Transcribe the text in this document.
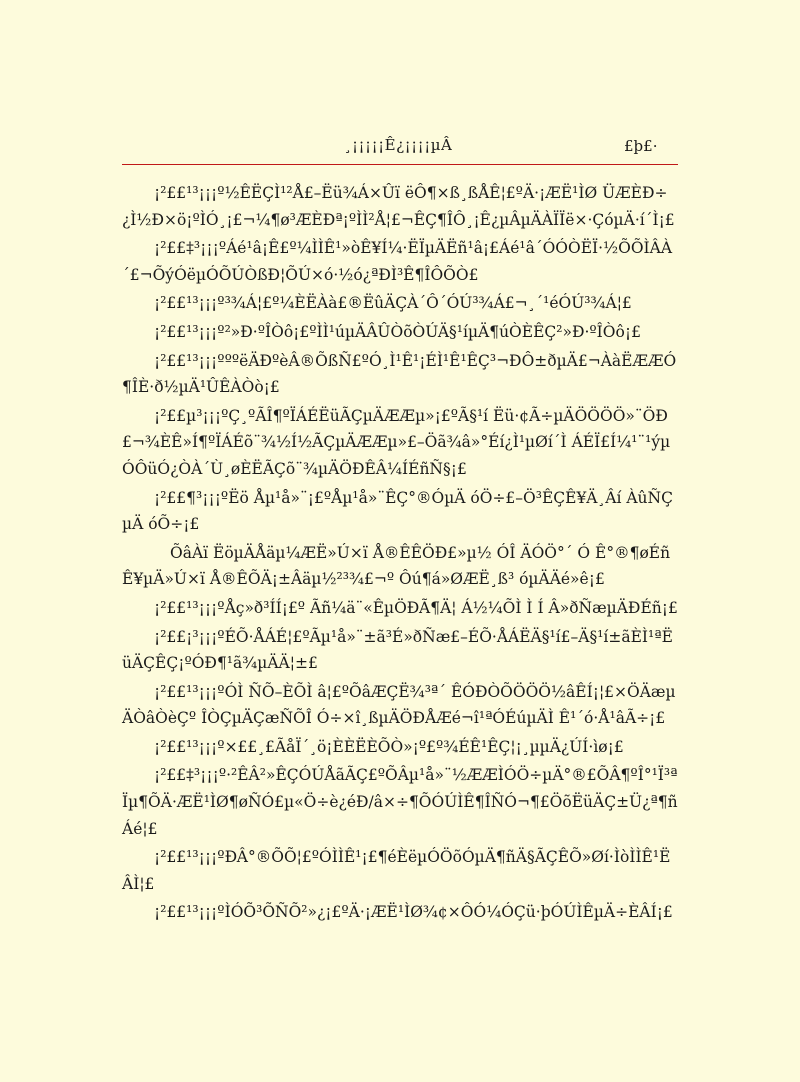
¸¡¡¡¡¡Ê¿¡¡¡¡µÂ	£þ£·

¡²££¹³¡¡¡º½ÊËÇÌ¹²Å£–Ëü¾Á×Ûï ëÔ¶×ß¸ßÅÊ¦£ºÄ·¡ÆË¹ÌØ ÜÆÈÐ÷¿Ì½Ð×ö¡ºÌÓ¸¡£¬¼¶ø³ÆÈÐª¡ºÌÌ²Å¦£¬ÊÇ¶ÎÔ¸¡Ê¿µÂµÄÀÏÏë×·ÇóµÄ·í´Ì¡£

¡²££‡³¡¡¡ºÁé¹â¡Ê£º¼ÌÌÊ¹»òÊ¥Í¼·ËÏµÄËñ¹â¡£Áé¹â´ÓÓÒËÏ·½ÕÕÌÂÀ´£¬ÕýÓëµÓÕÚÒßÐ¦ÕÚ×ó·½ó¿ªÐÌ³Ê¶ÎÔÕÒ£

¡²££¹³¡¡¡º³¾Á¦£º¼ÈËÀà£®ËûÄÇÀ´Ô´ÓÚ³¾Á£¬¸´¹éÓÚ³¾Á¦£

¡²££¹³¡¡¡º²»Ð·ºÎÒô¡£ºÌÌ¹úµÄÂÛÒõÒÚÄ§¹íµÄ¶úÒÈÊÇ²»Ð·ºÎÒô¡£

¡²££¹³¡¡¡ºººëÄÐºèÂ®ÕßÑ£ºÓ¸Ì¹Ê¹¡ÉÌ¹Ê¹ÊÇ³¬ÐÔ±ðµÄ£¬ÀàËÆÆÓ¶ÎÈ·ð½µÄ¹ÛÊÀÒò¡£

¡²££µ³¡¡¡ºÇ¸ºÃÎ¶ºÏÁÉËüÃÇµÄÆÆµ»¡£ºÃ§¹í Ëü·¢Ã÷µÄÖÖÖÖ»¨ÖÐ£¬¾ÈÊ»Í¶ºÏÁÉõ¨¾½Í½ÃÇµÄÆÆµ»£–Öã¾â»°Éí¿Ì¹µØí´Ì ÁÉÏ£Í¼¹¨¹ýµÓÔüÓ¿ÒÀ´Ù¸øÈËÃÇõ¨¾µÄÖÐÊÂ¼ÍÉñÑ§¡£

¡²££¶³¡¡¡ºËö Åµ¹å»¨¡£ºÅµ¹å»¨ÊÇ°®ÓµÄ óÖ÷£–Ö³ÊÇÊ¥Ä¸Âí ÀûÑÇµÄ óÕ÷¡£

ÕâÀï ËöµÄÅäµ¼ÆË»Ú×ï Å®ÊÊÖÐ£»µ½ ÓÎ ÄÓÖ°´ Ó Ê°®¶øÉñÊ¥µÄ»Ú×ï Å®ÊÕÄ¡±Âäµ½²³¾£¬º Ôú¶á»ØÆË¸ß³ óµÄÄé»ê¡£

¡²££¹³¡¡¡ºÅç»ð³ÍÍ¡£º Ãñ¼ä¨«ÊµÖÐÃ¶Ä¦ Á½¼ÕÌ Ì Í Â»ðÑæµÄÐÉñ¡£

¡²££¡³¡¡¡ºÉÕ·ÅÁÉ¦£ºÃµ¹å»¨±ã³É»ðÑæ£–ÉÕ·ÅÁËÄ§¹í£–Ä§¹í±ãÈÌ¹ªËüÄÇÊÇ¡ºÓÐ¶¹ã¾µÄÄ¦±£

¡²££¹³¡¡¡ºÓÌ ÑÕ–ÈÕÌ â¦£ºÕâÆÇË¾³ª´ ÊÓÐÒÕÖÖÖ½âÊÍ¡¦£×ÖÄæµÄÒâÒèÇº ÎÒÇµÄÇæÑÕÎ Ó÷×î¸ßµÄÖÐÅÆé¬î¹ªÓÉúµÄÌ Ê¹´ó·Å¹âÃ÷¡£

¡²££¹³¡¡¡º×££¸£ÃåÏ´¸ö¡ÈÈËÈÕÒ»¡º£º¾ÉÊ¹ÊÇ¦¡¸µµÄ¿ÚÍ·ìø¡£

¡²££‡³¡¡¡º·²ÊÂ²»ÊÇÓÚÅãÃÇ£ºÕÂµ¹å»¨½ÆÆÌÓÖ÷µÄ°®£ÕÂ¶ºÎ°¹Ï³ªÏµ¶ÕÄ·ÆË¹ÌØ¶øÑÓ£µ«Ö÷è¿éÐ/â×÷¶ÕÓÚÌÊ¶ÎÑÓ¬¶£ÖõËüÄÇ±Ü¿ª¶ñÁé¦£

¡²££¹³¡¡¡ºÐÂ°®ÕÕ¦£ºÓÌÌÊ¹¡£¶éÈëµÓÖõÓµÄ¶ñÄ§ÃÇÊÕ»Øí·ÌòÌÌÊ¹ËÂÌ¦£

¡²££¹³¡¡¡ºÌÓÕ³ÕÑÕ²»¿¡£ºÄ·¡ÆË¹ÌØ¾¢×ÔÓ¼ÓÇü·þÓÚÌÊµÄ÷ÈÂÍ¡£
